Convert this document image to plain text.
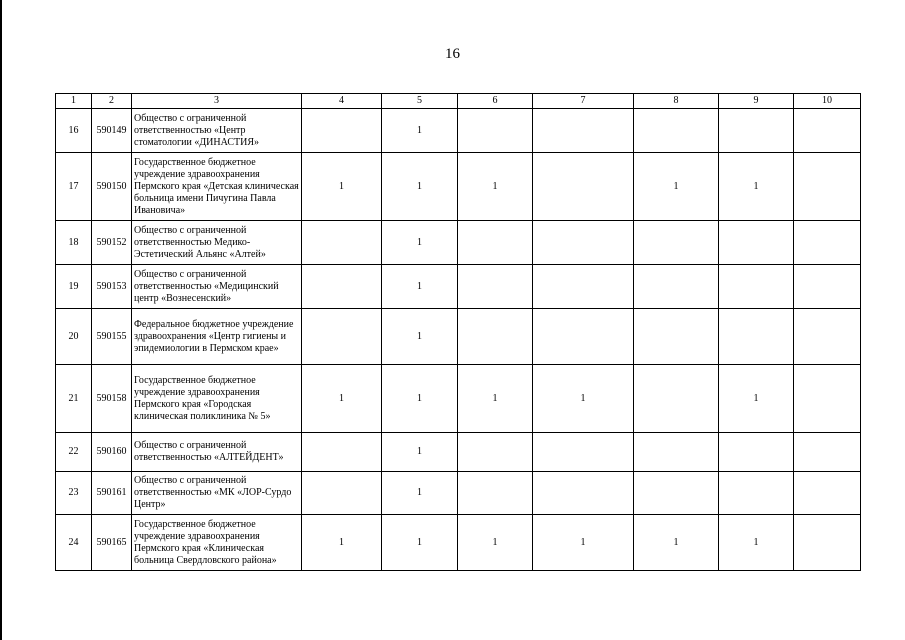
16
1	2	3	4	5	6	7	8	9	10
16	590149	Общество с ограниченной ответственностью «Центр стоматологии «ДИНАСТИЯ»		1					
17	590150	Государственное бюджетное учреждение здравоохранения Пермского края «Детская клиническая больница имени Пичугина Павла Ивановича»	1	1	1		1	1	
18	590152	Общество с ограниченной ответственностью Медико-Эстетический Альянс «Алтей»		1					
19	590153	Общество с ограниченной ответственностью «Медицинский центр «Вознесенский»		1					
20	590155	Федеральное бюджетное учреждение здравоохранения «Центр гигиены и эпидемиологии в Пермском крае»		1					
21	590158	Государственное бюджетное учреждение здравоохранения Пермского края «Городская клиническая поликлиника № 5»	1	1	1	1		1	
22	590160	Общество с ограниченной ответственностью «АЛТЕЙДЕНТ»		1					
23	590161	Общество с ограниченной ответственностью «МК «ЛОР-Сурдо Центр»		1					
24	590165	Государственное бюджетное учреждение здравоохранения Пермского края «Клиническая больница Свердловского района»	1	1	1	1	1	1	
